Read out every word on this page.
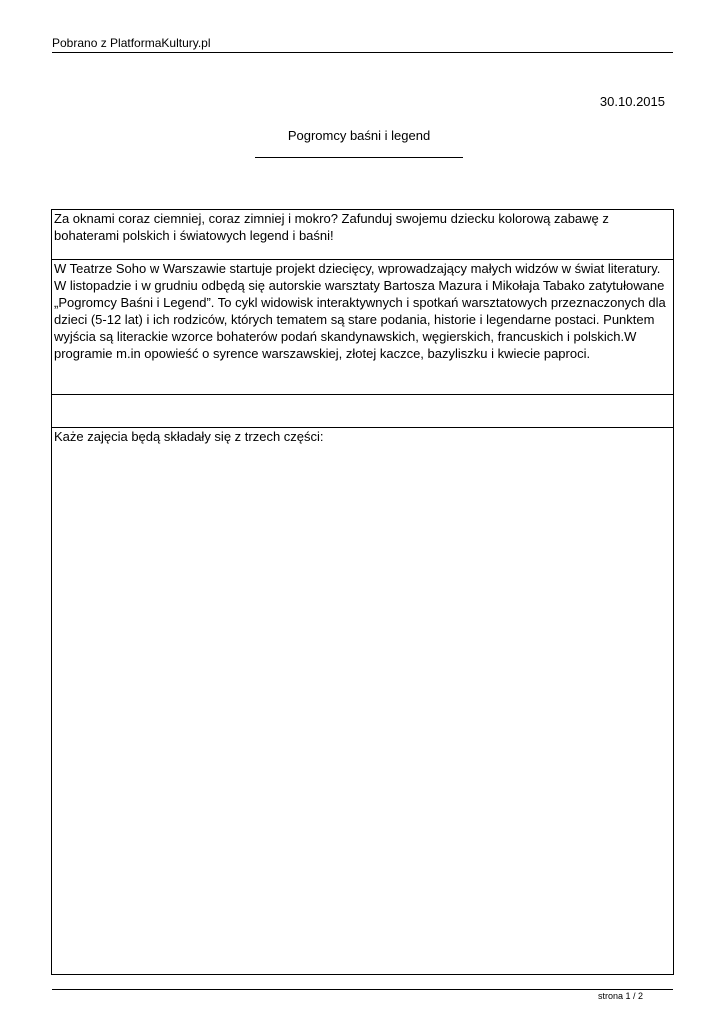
Pobrano z PlatformaKultury.pl
30.10.2015
Pogromcy baśni i legend

Za oknami coraz ciemniej, coraz zimniej i mokro? Zafunduj swojemu dziecku kolorową zabawę z bohaterami polskich i światowych legend i baśni!

W Teatrze Soho w Warszawie startuje projekt dziecięcy, wprowadzający małych widzów w świat literatury. W listopadzie i w grudniu odbędą się autorskie warsztaty Bartosza Mazura i Mikołaja Tabako zatytułowane „Pogromcy Baśni i Legend”. To cykl widowisk interaktywnych i spotkań warsztatowych przeznaczonych dla dzieci (5-12 lat) i ich rodziców, których tematem są stare podania, historie i legendarne postaci. Punktem wyjścia są literackie wzorce bohaterów podań skandynawskich, węgierskich, francuskich i polskich.W programie m.in opowieść o syrence warszawskiej, złotej kaczce, bazyliszku i kwiecie paproci.

Każe zajęcia będą składały się z trzech części:

strona 1 / 2
